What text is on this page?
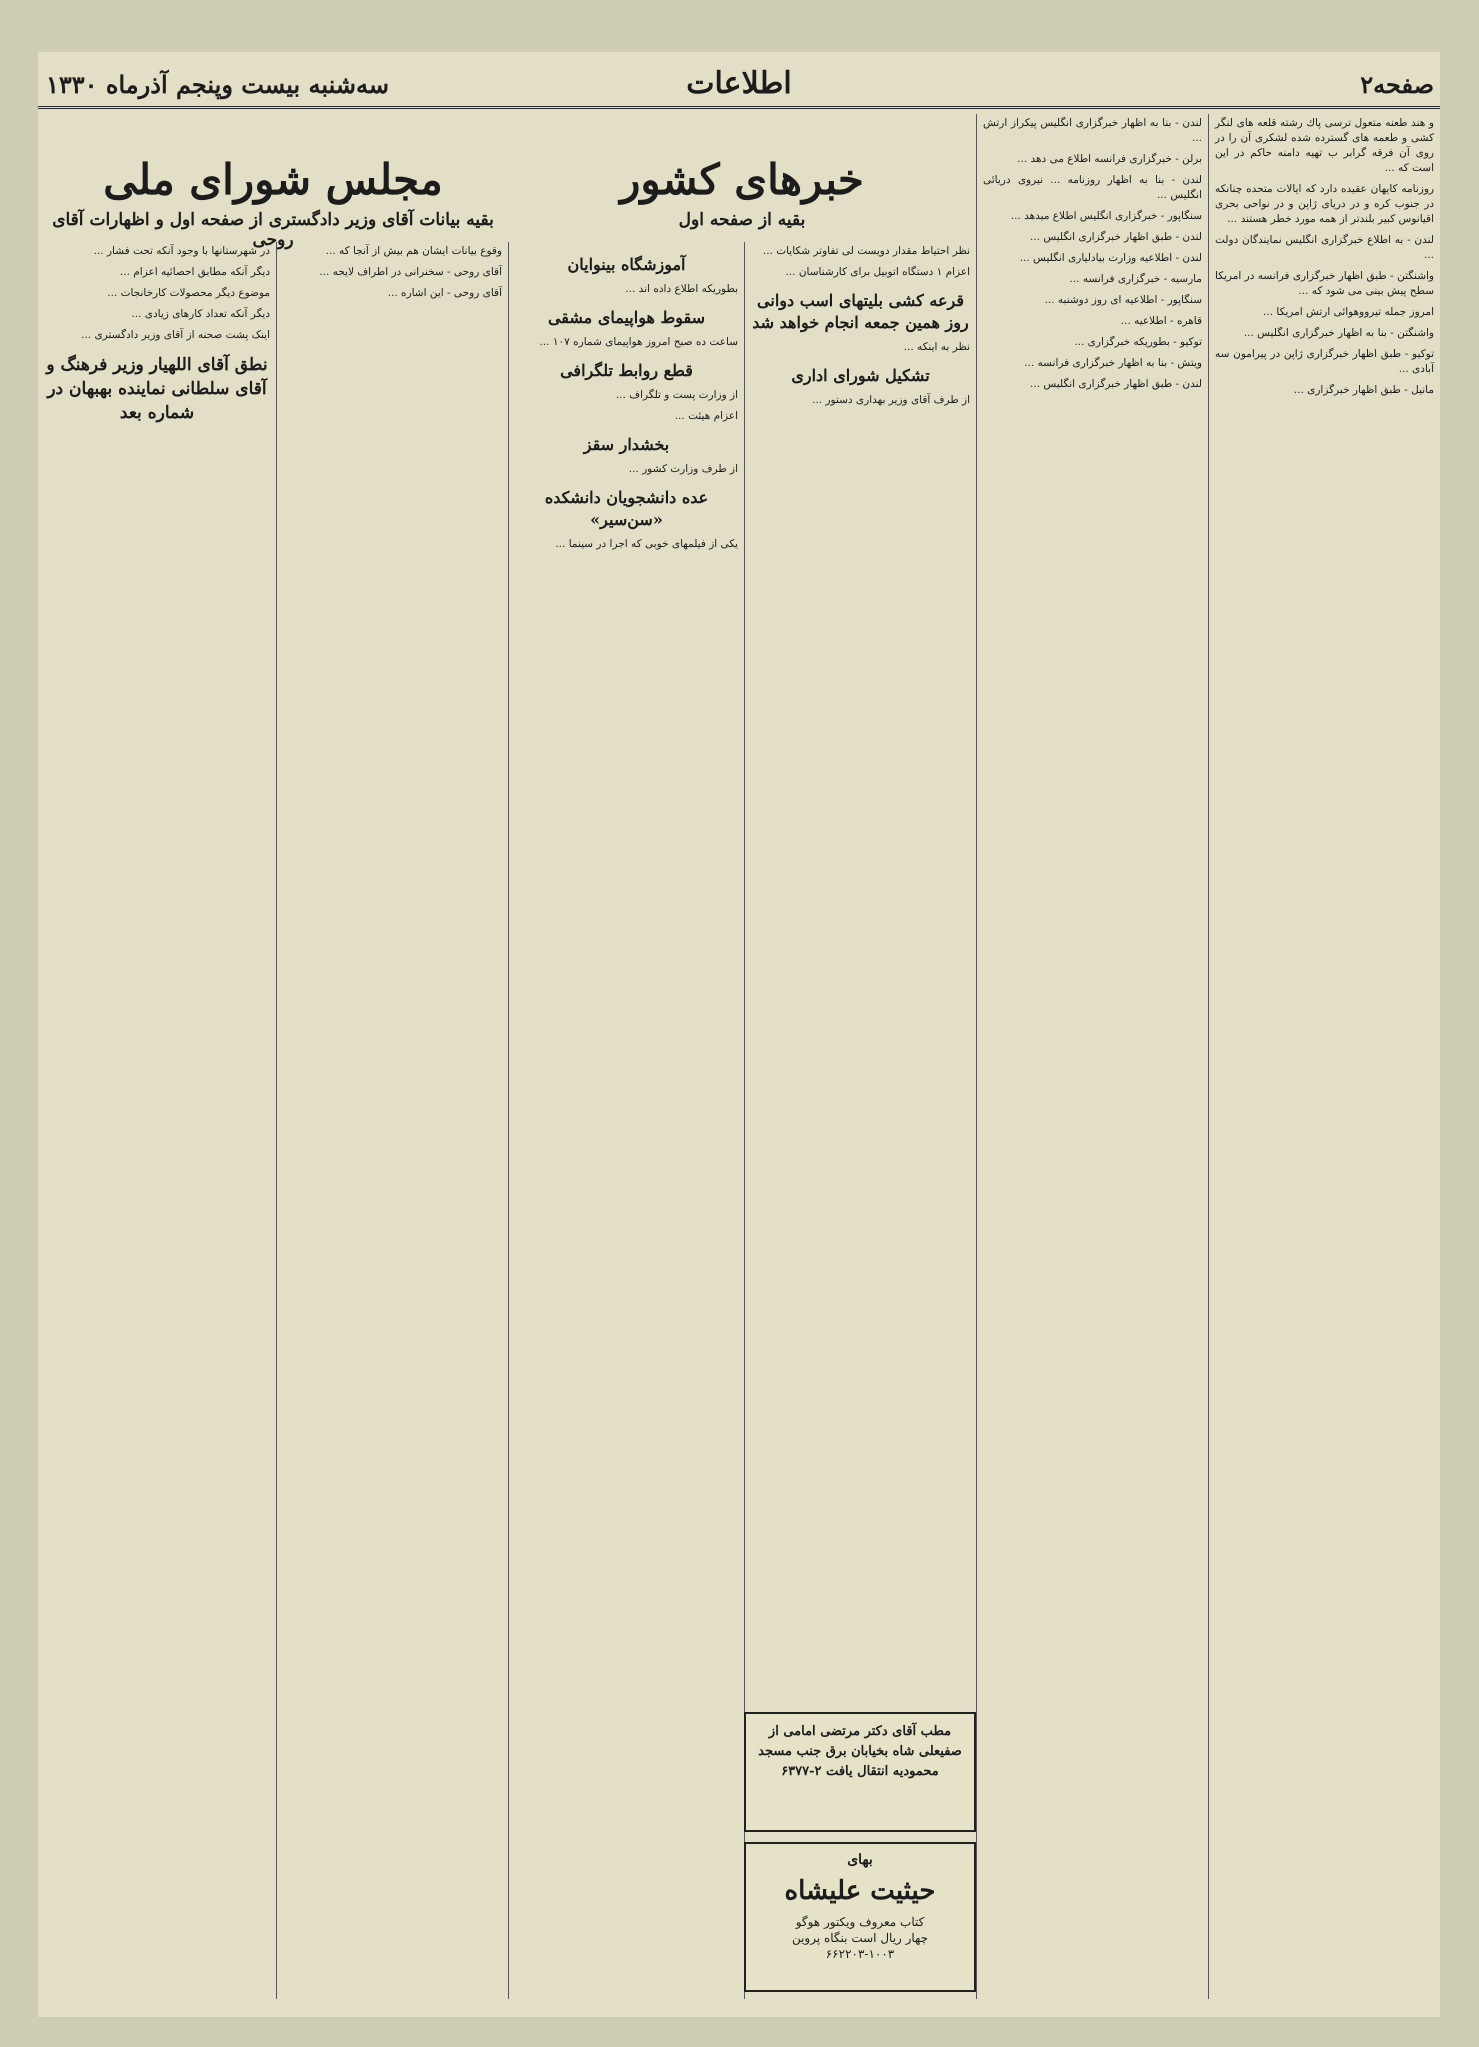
صفحه۲
اطلاعات
سه‌شنبه بیست وپنجم آذرماه ۱۳۳۰

و هند طعنه متعول ترسی پاك رشته قلعه های لنگر کشی و طعمه های گسترده شده لشکری آن را در روی آن فرقه گرابر ب تهیه دامنه حاکم در این است که ...

روزنامه کایهان عقیده دارد که ایالات متحده چنانکه در جنوب کره و در دریای ژاپن و در نواحی بحری اقیانوس کبیر بلندتر از همه مورد خطر هستند ...

لندن - به اطلاع خبرگزاری انگلیس نمایندگان دولت ...

واشنگتن - طبق اظهار خبرگزاری فرانسه در امریکا سطح پیش بینی می شود که ...

امروز جمله تیرووهوائی ارتش امریکا ...

واشنگتن - بنا به اظهار خبرگزاری انگلیس ...

توکیو - طبق اظهار خبرگزاری ژاپن در پیرامون سه آبادی ...

مانیل - طبق اظهار خبرگزاری ...

لندن - بنا به اظهار خبرگزاری انگلیس پیکراز ارتش ...

برلن - خبرگزاری فرانسه اطلاع می دهد ...

لندن - بنا به اظهار روزنامه ... نیروی دریائی انگلیس ...

سنگاپور - خبرگزاری انگلیس اطلاع میدهد ...

لندن - طبق اظهار خبرگزاری انگلیس ...

لندن - اطلاعیه وزارت بیادلیاری انگلیس ...

مارسیه - خبرگزاری فرانسه ...

سنگاپور - اطلاعیه ای روز دوشنبه ...

قاهره - اطلاعیه ...

توکیو - بطوریکه خبرگزاری ...

ویتش - بنا به اظهار خبرگزاری فرانسه ...

لندن - طبق اظهار خبرگزاری انگلیس ...

خبرهای کشور
بقیه از صفحه اول

نظر احتیاط مقدار دویست لی تفاوتر شکایات ...

اعزام ۱ دستگاه اتوبیل برای کارشناسان ...

قرعه کشی بلیتهای اسب دوانی روز همین جمعه انجام خواهد شد

نظر به اینکه ...

تشکیل شورای اداری

از طرف آقای وزیر بهداری دستور ...

آموزشگاه بینوایان

بطوریکه اطلاع داده اند ...

سقوط هواپیمای مشقی

ساعت ده صبح امروز هواپیمای شماره ۱۰۷ ...

قطع روابط تلگرافی

از وزارت پست و تلگراف ...

اعزام هیئت ...

بخشدار سقز

از طرف وزارت کشور ...

عده دانشجویان دانشکده «سن‌سیر»

یکی از فیلمهای خوبی که اجرا در سینما ...

مطب آقای دکتر مرتضی امامی از صفیعلی شاه بخیابان برق جنب مسجد محمودیه انتقال یافت ۲-۶۳۷۷
بهای
حیثیت علیشاه
کتاب معروف ویکتور هوگو
چهار ریال است بنگاه پروین ۱۰۰۳-۶۶۲۲۰۳
مجلس شورای ملی
بقیه بیانات آقای وزیر دادگستری از صفحه اول و اظهارات آقای روحی

وقوع بیانات ایشان هم بیش از آنجا که ...

آقای روحی - سخنرانی در اطراف لایحه ...

آقای روحی - این اشاره ...

در شهرستانها با وجود آنکه تحت فشار ...

دیگر آنکه مطابق احصائیه اعزام ...

موضوع دیگر محصولات کارخانجات ...

دیگر آنکه تعداد کارهای زیادی ...

اینک پشت صحنه از آقای وزیر دادگستری ...

نطق آقای اللهیار وزیر فرهنگ و آقای سلطانی نماینده بهبهان در شماره بعد
